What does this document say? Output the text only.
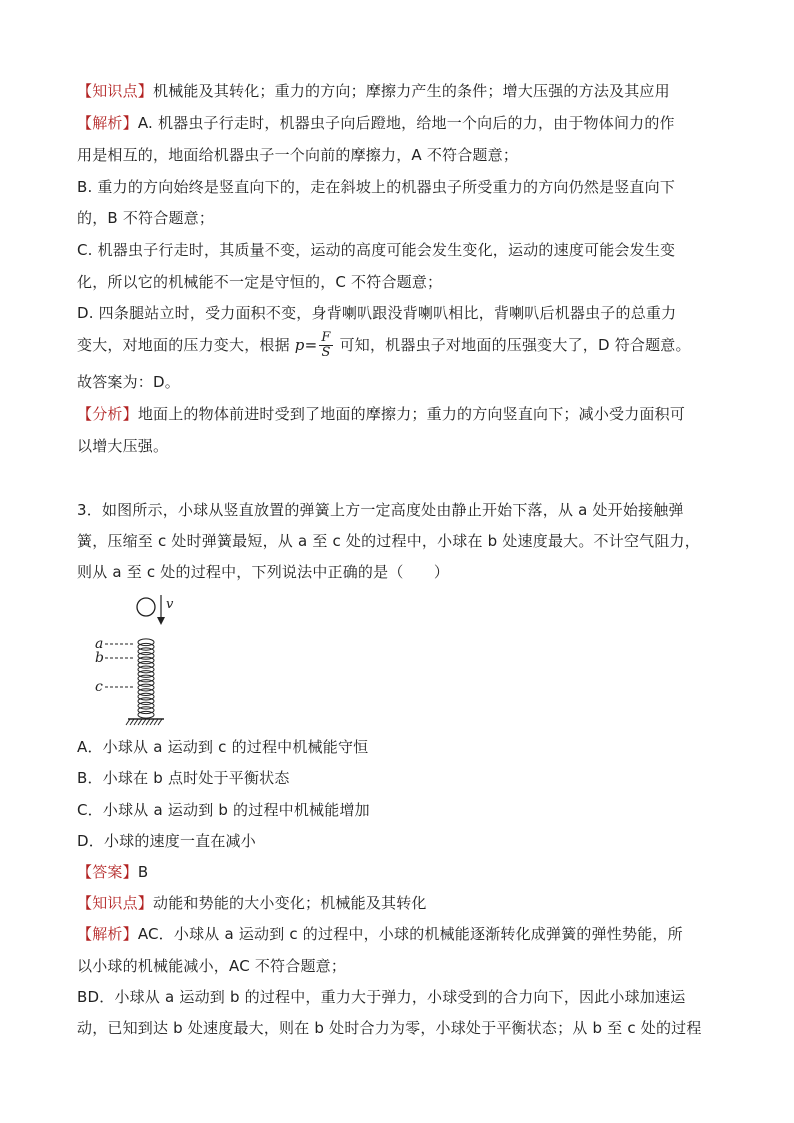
【知识点】机械能及其转化；重力的方向；摩擦力产生的条件；增大压强的方法及其应用
【解析】A. 机器虫子行走时，机器虫子向后蹬地，给地一个向后的力，由于物体间力的作
用是相互的，地面给机器虫子一个向前的摩擦力，A 不符合题意；
B. 重力的方向始终是竖直向下的，走在斜坡上的机器虫子所受重力的方向仍然是竖直向下
的，B 不符合题意；
C. 机器虫子行走时，其质量不变，运动的高度可能会发生变化，运动的速度可能会发生变
化，所以它的机械能不一定是守恒的，C 不符合题意；
D. 四条腿站立时，受力面积不变，身背喇叭跟没背喇叭相比，背喇叭后机器虫子的总重力
变大，对地面的压力变大，根据 $p= \frac{F}{S}$ 可知，机器虫子对地面的压强变大了，D 符合题意。
故答案为：D。
【分析】地面上的物体前进时受到了地面的摩擦力；重力的方向竖直向下；减小受力面积可
以增大压强。
3．如图所示，小球从竖直放置的弹簧上方一定高度处由静止开始下落，从 a 处开始接触弹
簧，压缩至 c 处时弹簧最短，从 a 至 c 处的过程中，小球在 b 处速度最大。不计空气阻力，
则从 a 至 c 处的过程中，下列说法中正确的是（　　）
v
a
b
c
A．小球从 a 运动到 c 的过程中机械能守恒
B．小球在 b 点时处于平衡状态
C．小球从 a 运动到 b 的过程中机械能增加
D．小球的速度一直在减小
【答案】B
【知识点】动能和势能的大小变化；机械能及其转化
【解析】AC．小球从 a 运动到 c 的过程中，小球的机械能逐渐转化成弹簧的弹性势能，所
以小球的机械能减小，AC 不符合题意；
BD．小球从 a 运动到 b 的过程中，重力大于弹力，小球受到的合力向下，因此小球加速运
动，已知到达 b 处速度最大，则在 b 处时合力为零，小球处于平衡状态；从 b 至 c 处的过程
